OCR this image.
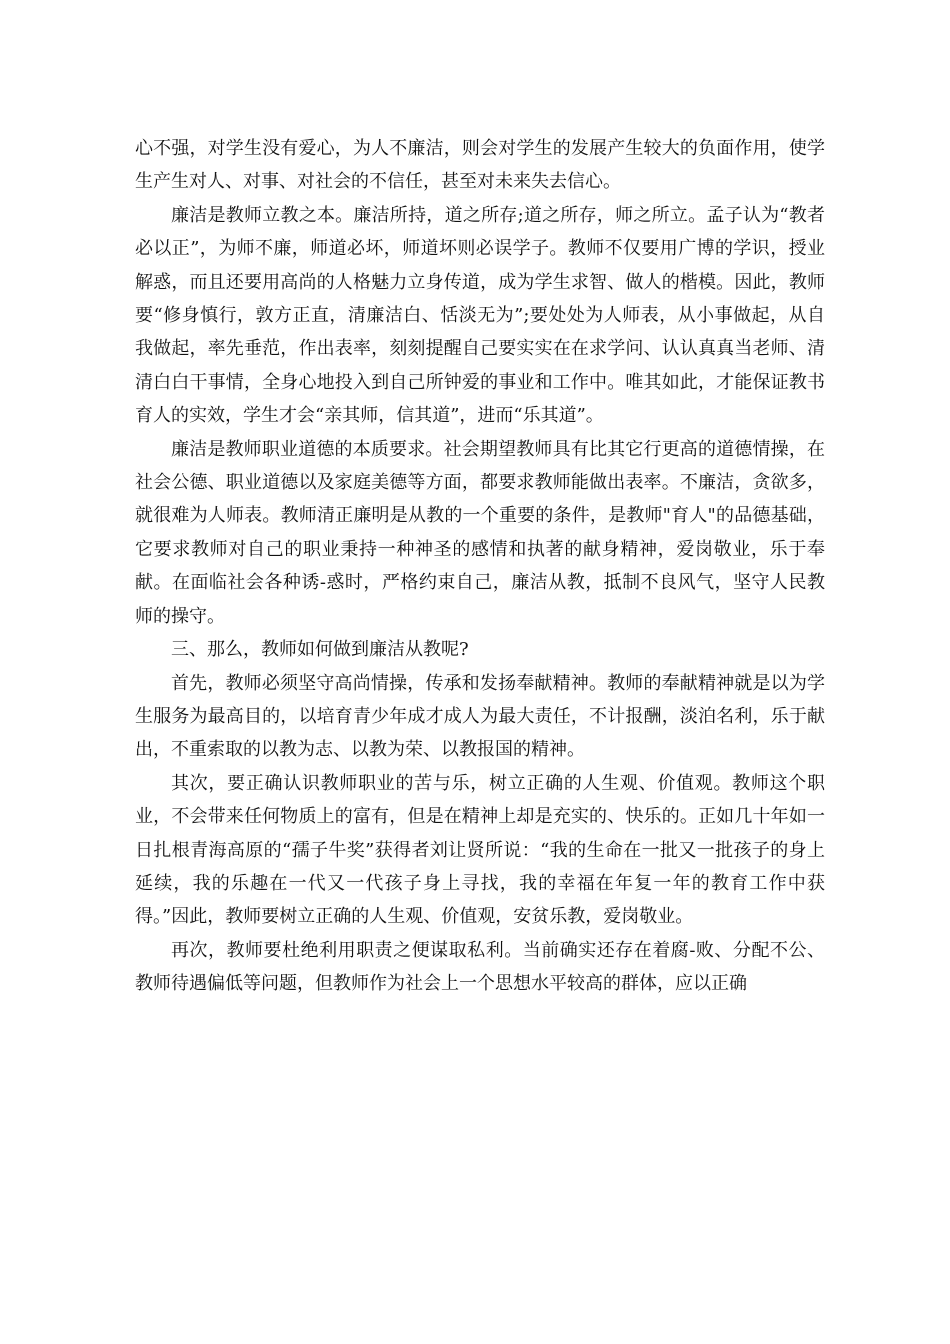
心不强，对学生没有爱心，为人不廉洁，则会对学生的发展产生较大的负面作用，使学生产生对人、对事、对社会的不信任，甚至对未来失去信心。

廉洁是教师立教之本。廉洁所持，道之所存;道之所存，师之所立。孟子认为“教者必以正”，为师不廉，师道必坏，师道坏则必误学子。教师不仅要用广博的学识，授业解惑，而且还要用高尚的人格魅力立身传道，成为学生求智、做人的楷模。因此，教师要“修身慎行，敦方正直，清廉洁白、恬淡无为”;要处处为人师表，从小事做起，从自我做起，率先垂范，作出表率，刻刻提醒自己要实实在在求学问、认认真真当老师、清清白白干事情，全身心地投入到自己所钟爱的事业和工作中。唯其如此，才能保证教书育人的实效，学生才会“亲其师，信其道”，进而“乐其道”。

廉洁是教师职业道德的本质要求。社会期望教师具有比其它行更高的道德情操，在社会公德、职业道德以及家庭美德等方面，都要求教师能做出表率。不廉洁，贪欲多，就很难为人师表。教师清正廉明是从教的一个重要的条件，是教师"育人"的品德基础，它要求教师对自己的职业秉持一种神圣的感情和执著的献身精神，爱岗敬业，乐于奉献。在面临社会各种诱-惑时，严格约束自己，廉洁从教，抵制不良风气，坚守人民教师的操守。

三、那么，教师如何做到廉洁从教呢?

首先，教师必须坚守高尚情操，传承和发扬奉献精神。教师的奉献精神就是以为学生服务为最高目的，以培育青少年成才成人为最大责任，不计报酬，淡泊名利，乐于献出，不重索取的以教为志、以教为荣、以教报国的精神。

其次，要正确认识教师职业的苦与乐，树立正确的人生观、价值观。教师这个职业，不会带来任何物质上的富有，但是在精神上却是充实的、快乐的。正如几十年如一日扎根青海高原的“孺子牛奖”获得者刘让贤所说：“我的生命在一批又一批孩子的身上延续，我的乐趣在一代又一代孩子身上寻找，我的幸福在年复一年的教育工作中获得。”因此，教师要树立正确的人生观、价值观，安贫乐教，爱岗敬业。

再次，教师要杜绝利用职责之便谋取私利。当前确实还存在着腐-败、分配不公、教师待遇偏低等问题，但教师作为社会上一个思想水平较高的群体，应以正确
